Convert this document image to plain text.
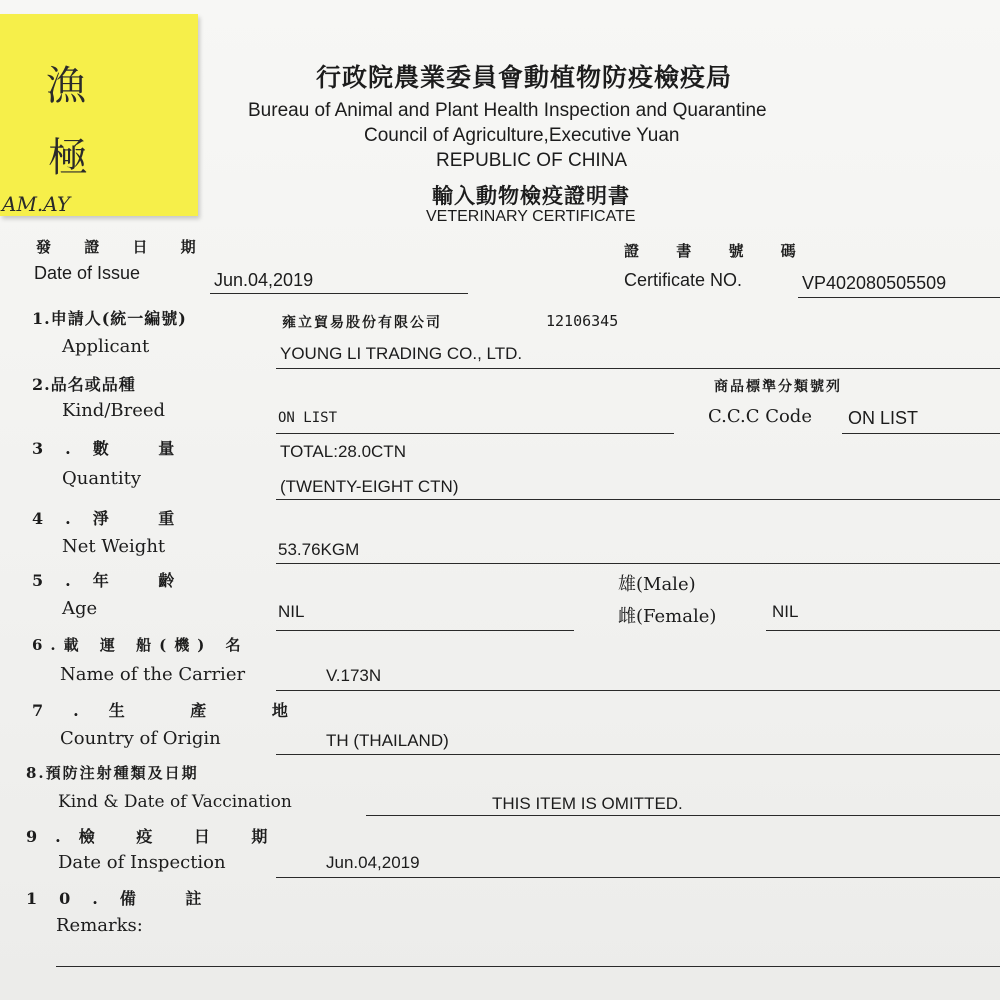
漁
極
AM.AY
行政院農業委員會動植物防疫檢疫局
Bureau of Animal and Plant Health Inspection and Quarantine
Council of Agriculture,Executive Yuan
REPUBLIC OF CHINA
輸入動物檢疫證明書
VETERINARY CERTIFICATE
發 證 日 期
Date of Issue	Jun.04,2019
證 書 號 碼
Certificate NO.	VP402080505509
1.申請人(統一編號)
Applicant
雍立貿易股份有限公司	12106345
YOUNG LI TRADING CO., LTD.
2.品名或品種
Kind/Breed	ON LIST
商品標準分類號列
C.C.C Code ON LIST
3.數 量
Quantity
TOTAL:28.0CTN
(TWENTY-EIGHT CTN)
4.淨 重
Net Weight	53.76KGM
5.年 齡
Age	NIL
雄(Male)
雌(Female)	NIL
6.載 運 船(機) 名
Name of the Carrier	V.173N
7.生 產 地
Country of Origin	TH (THAILAND)
8.預防注射種類及日期
Kind & Date of Vaccination	THIS ITEM IS OMITTED.
9.檢 疫 日 期
Date of Inspection	Jun.04,2019
10.備 註
Remarks:
